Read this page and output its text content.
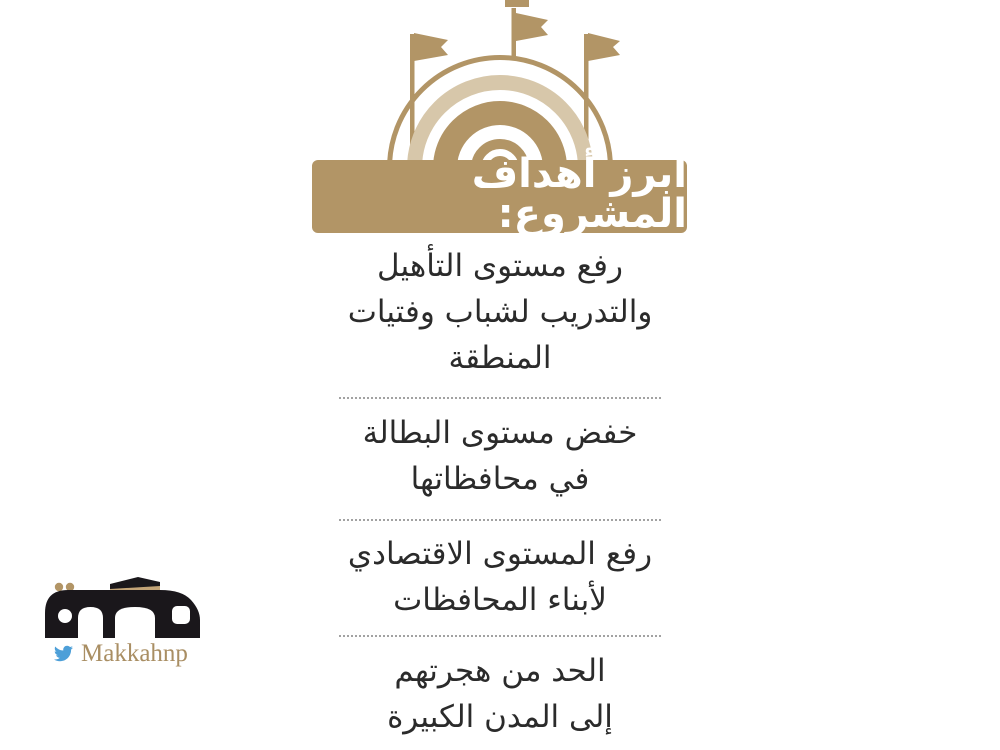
أبرز أهداف المشروع:
رفع مستوى التأهيل
والتدريب لشباب وفتيات
المنطقة
خفض مستوى البطالة
في محافظاتها
رفع المستوى الاقتصادي
لأبناء المحافظات
الحد من هجرتهم
إلى المدن الكبيرة
Makkahnp
